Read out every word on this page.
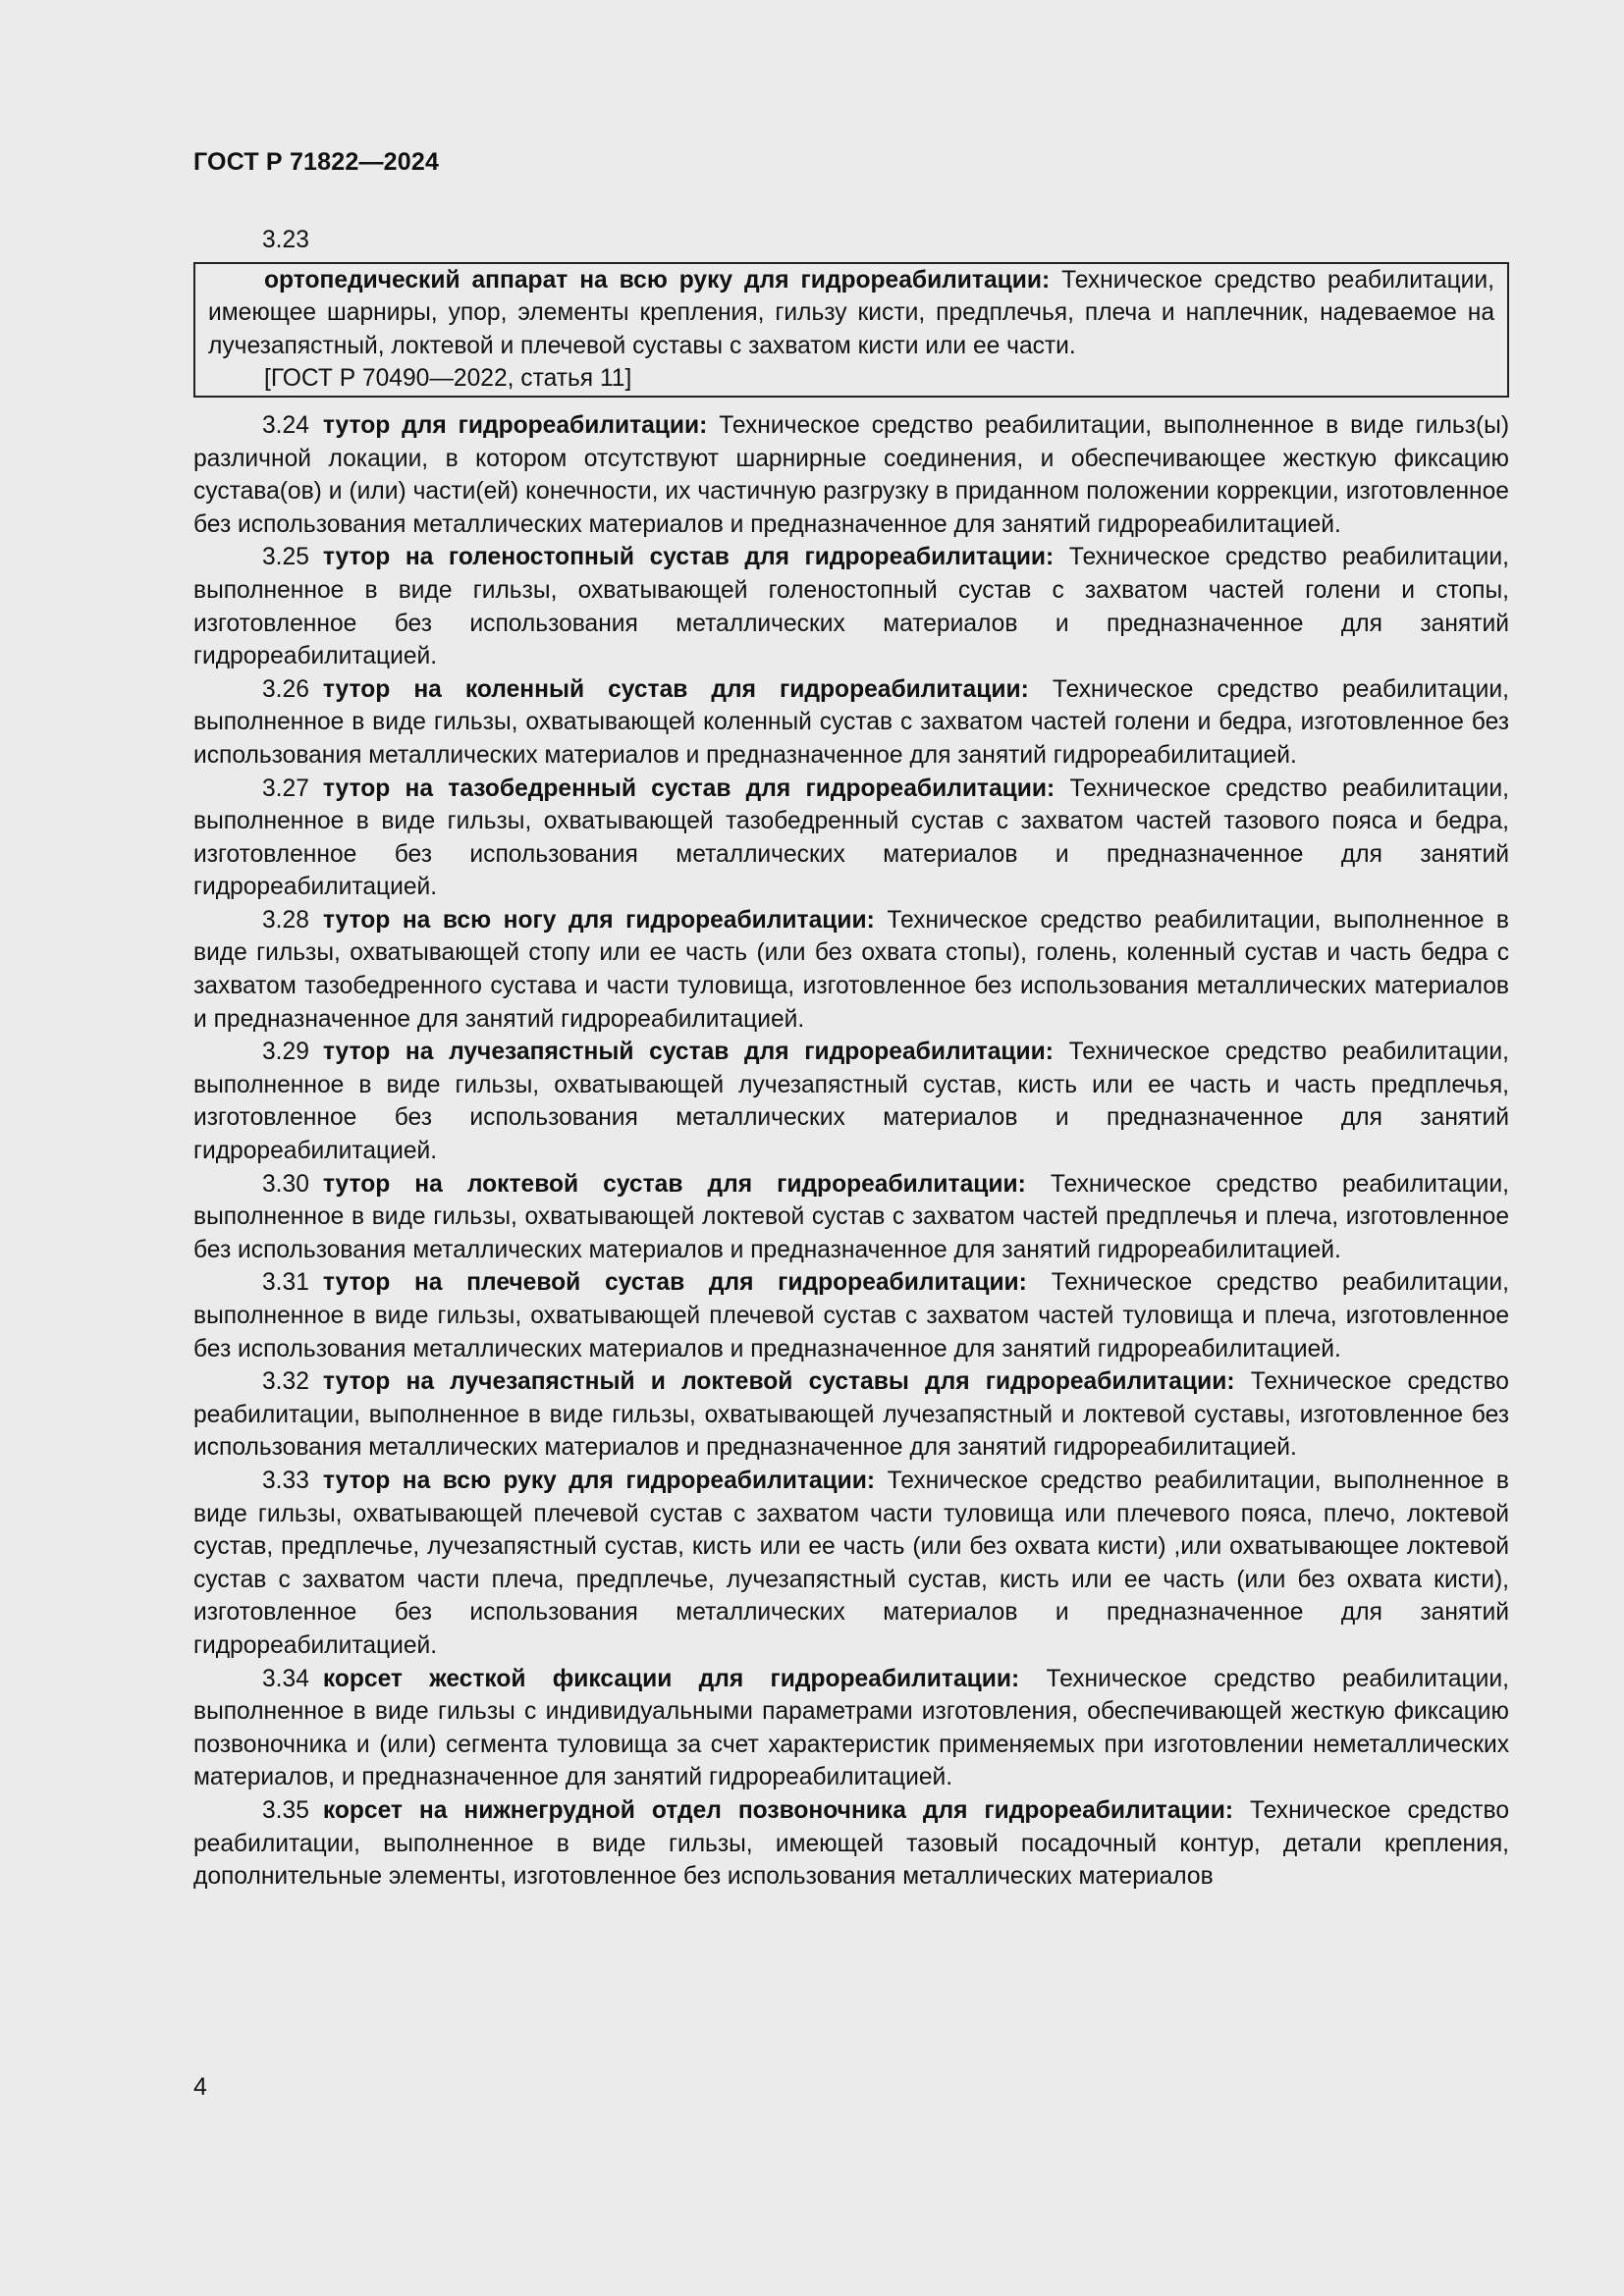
ГОСТ Р 71822—2024
3.23

ортопедический аппарат на всю руку для гидрореабилитации: Техническое средство реабилитации, имеющее шарниры, упор, элементы крепления, гильзу кисти, предплечья, плеча и наплечник, надеваемое на лучезапястный, локтевой и плечевой суставы с захватом кисти или ее части.

[ГОСТ Р 70490—2022, статья 11]

3.24 тутор для гидрореабилитации: Техническое средство реабилитации, выполненное в виде гильз(ы) различной локации, в котором отсутствуют шарнирные соединения, и обеспечивающее жесткую фиксацию сустава(ов) и (или) части(ей) конечности, их частичную разгрузку в приданном положении коррекции, изготовленное без использования металлических материалов и предназначенное для занятий гидрореабилитацией.

3.25 тутор на голеностопный сустав для гидрореабилитации: Техническое средство реабилитации, выполненное в виде гильзы, охватывающей голеностопный сустав с захватом частей голени и стопы, изготовленное без использования металлических материалов и предназначенное для занятий гидрореабилитацией.

3.26 тутор на коленный сустав для гидрореабилитации: Техническое средство реабилитации, выполненное в виде гильзы, охватывающей коленный сустав с захватом частей голени и бедра, изготовленное без использования металлических материалов и предназначенное для занятий гидрореабилитацией.

3.27 тутор на тазобедренный сустав для гидрореабилитации: Техническое средство реабилитации, выполненное в виде гильзы, охватывающей тазобедренный сустав с захватом частей тазового пояса и бедра, изготовленное без использования металлических материалов и предназначенное для занятий гидрореабилитацией.

3.28 тутор на всю ногу для гидрореабилитации: Техническое средство реабилитации, выполненное в виде гильзы, охватывающей стопу или ее часть (или без охвата стопы), голень, коленный сустав и часть бедра с захватом тазобедренного сустава и части туловища, изготовленное без использования металлических материалов и предназначенное для занятий гидрореабилитацией.

3.29 тутор на лучезапястный сустав для гидрореабилитации: Техническое средство реабилитации, выполненное в виде гильзы, охватывающей лучезапястный сустав, кисть или ее часть и часть предплечья, изготовленное без использования металлических материалов и предназначенное для занятий гидрореабилитацией.

3.30 тутор на локтевой сустав для гидрореабилитации: Техническое средство реабилитации, выполненное в виде гильзы, охватывающей локтевой сустав с захватом частей предплечья и плеча, изготовленное без использования металлических материалов и предназначенное для занятий гидрореабилитацией.

3.31 тутор на плечевой сустав для гидрореабилитации: Техническое средство реабилитации, выполненное в виде гильзы, охватывающей плечевой сустав с захватом частей туловища и плеча, изготовленное без использования металлических материалов и предназначенное для занятий гидрореабилитацией.

3.32 тутор на лучезапястный и локтевой суставы для гидрореабилитации: Техническое средство реабилитации, выполненное в виде гильзы, охватывающей лучезапястный и локтевой суставы, изготовленное без использования металлических материалов и предназначенное для занятий гидрореабилитацией.

3.33 тутор на всю руку для гидрореабилитации: Техническое средство реабилитации, выполненное в виде гильзы, охватывающей плечевой сустав с захватом части туловища или плечевого пояса, плечо, локтевой сустав, предплечье, лучезапястный сустав, кисть или ее часть (или без охвата кисти) ,или охватывающее локтевой сустав с захватом части плеча, предплечье, лучезапястный сустав, кисть или ее часть (или без охвата кисти), изготовленное без использования металлических материалов и предназначенное для занятий гидрореабилитацией.

3.34 корсет жесткой фиксации для гидрореабилитации: Техническое средство реабилитации, выполненное в виде гильзы с индивидуальными параметрами изготовления, обеспечивающей жесткую фиксацию позвоночника и (или) сегмента туловища за счет характеристик применяемых при изготовлении неметаллических материалов, и предназначенное для занятий гидрореабилитацией.

3.35 корсет на нижнегрудной отдел позвоночника для гидрореабилитации: Техническое средство реабилитации, выполненное в виде гильзы, имеющей тазовый посадочный контур, детали крепления, дополнительные элементы, изготовленное без использования металлических материалов

4
